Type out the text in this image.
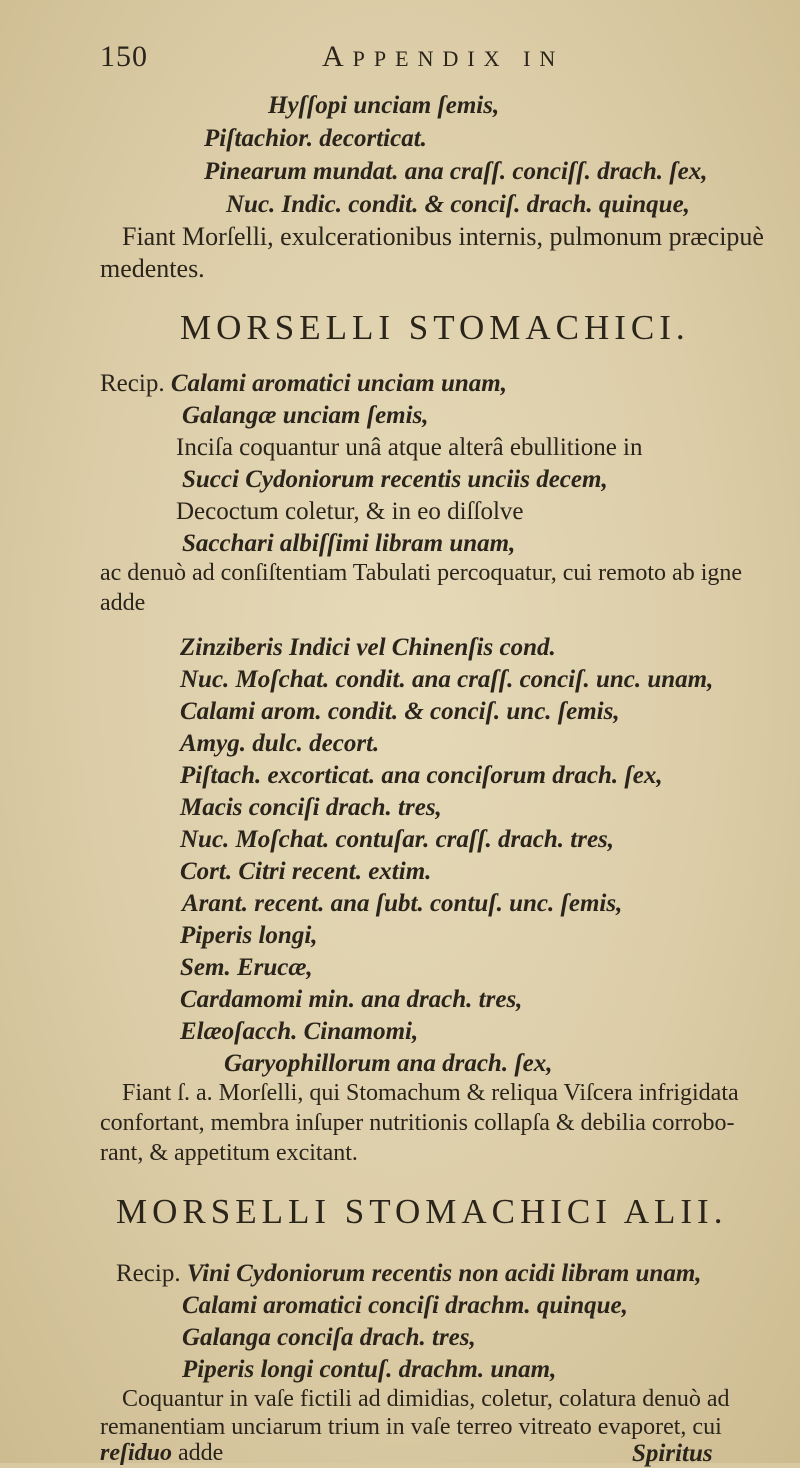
150	APPENDIX IN
Hyſſopi unciam ſemis,
Piſtachior. decorticat.
Pinearum mundat. ana craſſ. conciſſ. drach. ſex,
Nuc. Indic. condit. & conciſ. drach. quinque,
Fiant Morſelli, exulcerationibus internis, pulmonum præcipuè
medentes.
MORSELLI STOMACHICI.
Recip. Calami aromatici unciam unam,
Galangæ unciam ſemis,
Inciſa coquantur unâ atque alterâ ebullitione in
Succi Cydoniorum recentis unciis decem,
Decoctum coletur, & in eo diſſolve
Sacchari albiſſimi libram unam,
ac denuò ad conſiſtentiam Tabulati percoquatur, cui remoto ab igne
adde
Zinziberis Indici vel Chinenſis cond.
Nuc. Moſchat. condit. ana craſſ. conciſ. unc. unam,
Calami arom. condit. & conciſ. unc. ſemis,
Amyg. dulc. decort.
Piſtach. excorticat. ana conciſorum drach. ſex,
Macis conciſi drach. tres,
Nuc. Moſchat. contuſar. craſſ. drach. tres,
Cort. Citri recent. extim.
Arant. recent. ana ſubt. contuſ. unc. ſemis,
Piperis longi,
Sem. Erucæ,
Cardamomi min. ana drach. tres,
Elæoſacch. Cinamomi,
Garyophillorum ana drach. ſex,
Fiant ſ. a. Morſelli, qui Stomachum & reliqua Viſcera infrigidata
confortant, membra inſuper nutritionis collapſa & debilia corrobo-
rant, & appetitum excitant.
MORSELLI STOMACHICI ALII.
Recip. Vini Cydoniorum recentis non acidi libram unam,
Calami aromatici conciſi drachm. quinque,
Galanga conciſa drach. tres,
Piperis longi contuſ. drachm. unam,
Coquantur in vaſe fictili ad dimidias, coletur, colatura denuò ad
remanentiam unciarum trium in vaſe terreo vitreato evaporet, cui
reſiduo adde	Spiritus
